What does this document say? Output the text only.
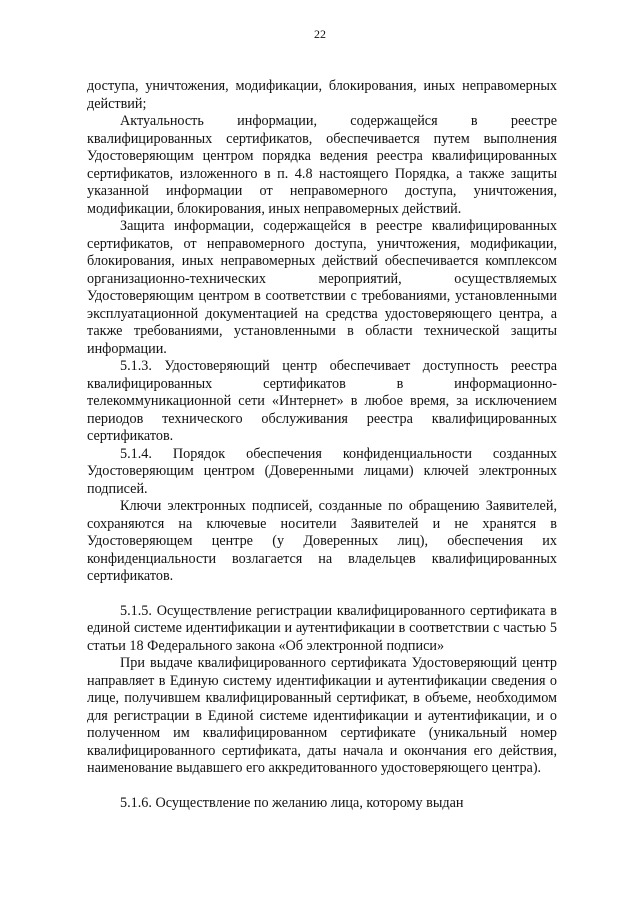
22

доступа, уничтожения, модификации, блокирования, иных неправомерных действий;

Актуальность информации, содержащейся в реестре квалифицированных сертификатов, обеспечивается путем выполнения Удостоверяющим центром порядка ведения реестра квалифицированных сертификатов, изложенного в п. 4.8 настоящего Порядка, а также защиты указанной информации от неправомерного доступа, уничтожения, модификации, блокирования, иных неправомерных действий.

Защита информации, содержащейся в реестре квалифицированных сертификатов, от неправомерного доступа, уничтожения, модификации, блокирования, иных неправомерных действий обеспечивается комплексом организационно-технических мероприятий, осуществляемых Удостоверяющим центром в соответствии с требованиями, установленными эксплуатационной документацией на средства удостоверяющего центра, а также требованиями, установленными в области технической защиты информации.

5.1.3. Удостоверяющий центр обеспечивает доступность реестра квалифицированных сертификатов в информационно-телекоммуникационной сети «Интернет» в любое время, за исключением периодов технического обслуживания реестра квалифицированных сертификатов.

5.1.4. Порядок обеспечения конфиденциальности созданных Удостоверяющим центром (Доверенными лицами) ключей электронных подписей.

Ключи электронных подписей, созданные по обращению Заявителей, сохраняются на ключевые носители Заявителей и не хранятся в Удостоверяющем центре (у Доверенных лиц), обеспечения их конфиденциальности возлагается на владельцев квалифицированных сертификатов.

5.1.5. Осуществление регистрации квалифицированного сертификата в единой системе идентификации и аутентификации в соответствии с частью 5 статьи 18 Федерального закона «Об электронной подписи»

При выдаче квалифицированного сертификата Удостоверяющий центр направляет в Единую систему идентификации и аутентификации сведения о лице, получившем квалифицированный сертификат, в объеме, необходимом для регистрации в Единой системе идентификации и аутентификации, и о полученном им квалифицированном сертификате (уникальный номер квалифицированного сертификата, даты начала и окончания его действия, наименование выдавшего его аккредитованного удостоверяющего центра).

5.1.6. Осуществление по желанию лица, которому выдан
